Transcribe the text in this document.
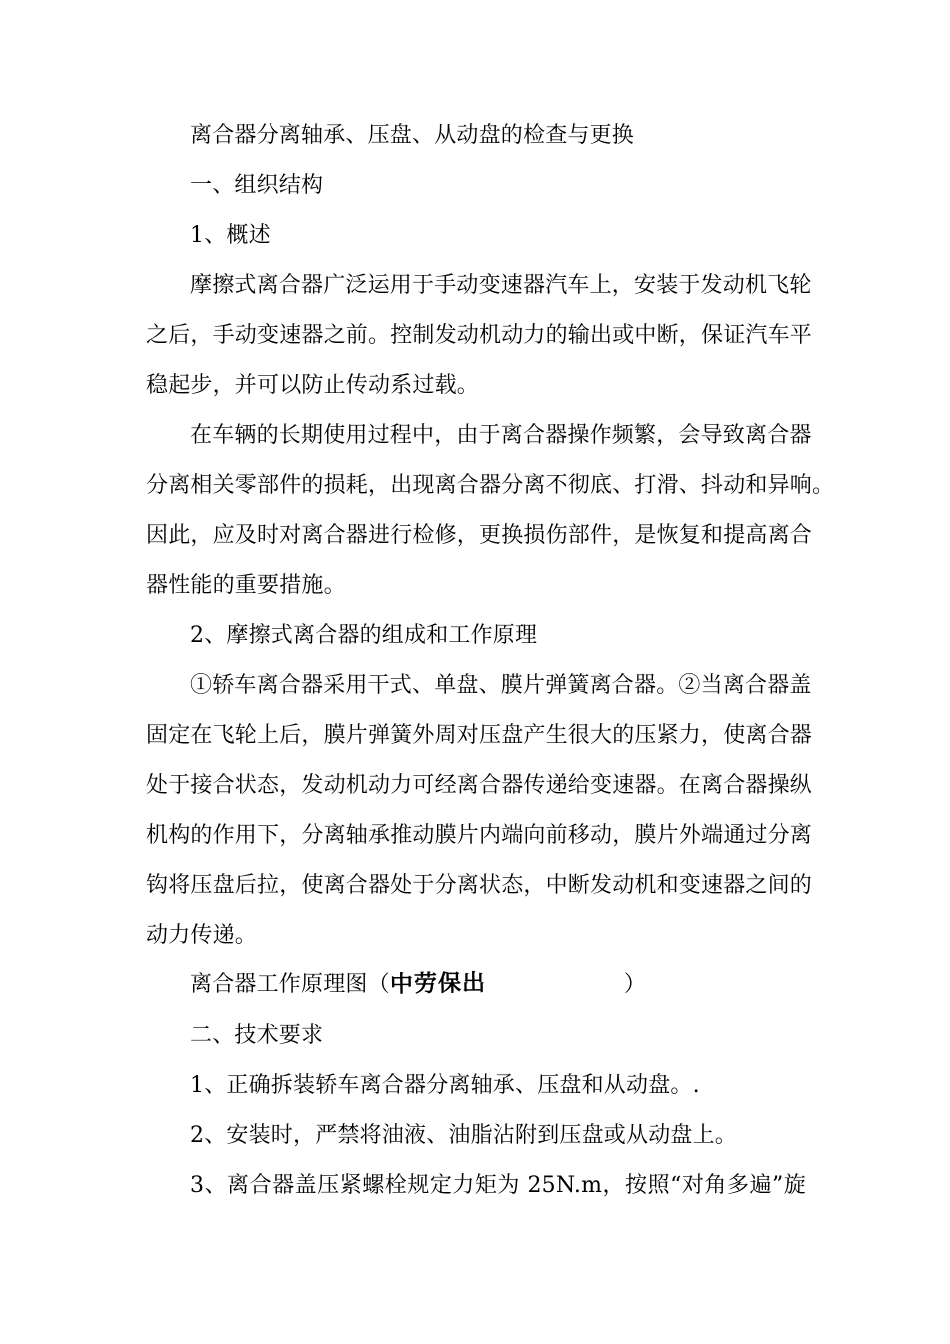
离合器分离轴承、压盘、从动盘的检查与更换
一、组织结构
1、概述
摩擦式离合器广泛运用于手动变速器汽车上，安装于发动机飞轮
之后，手动变速器之前。控制发动机动力的输出或中断，保证汽车平
稳起步，并可以防止传动系过载。
在车辆的长期使用过程中，由于离合器操作频繁，会导致离合器
分离相关零部件的损耗，出现离合器分离不彻底、打滑、抖动和异响。
因此，应及时对离合器进行检修，更换损伤部件，是恢复和提高离合
器性能的重要措施。
2、摩擦式离合器的组成和工作原理
①轿车离合器采用干式、单盘、膜片弹簧离合器。②当离合器盖
固定在飞轮上后，膜片弹簧外周对压盘产生很大的压紧力，使离合器
处于接合状态，发动机动力可经离合器传递给变速器。在离合器操纵
机构的作用下，分离轴承推动膜片内端向前移动，膜片外端通过分离
钩将压盘后拉，使离合器处于分离状态，中断发动机和变速器之间的
动力传递。
离合器工作原理图（中劳保出	）
二、技术要求
1、正确拆装轿车离合器分离轴承、压盘和从动盘。.
2、安装时，严禁将油液、油脂沾附到压盘或从动盘上。
3、离合器盖压紧螺栓规定力矩为 25N.m，按照“对角多遍”旋
